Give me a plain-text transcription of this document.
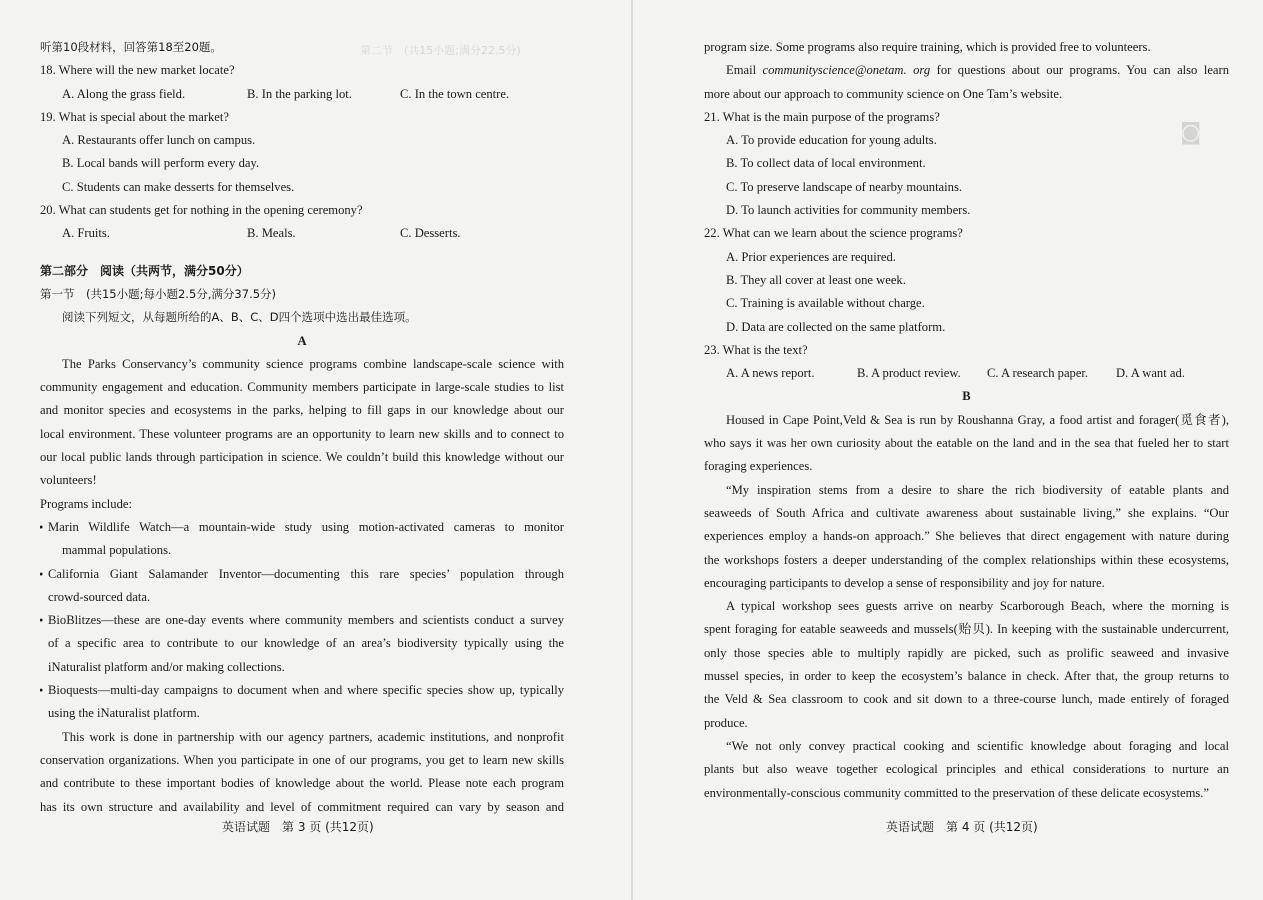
第二节　(共15小题;满分22.5分)
◙
听第10段材料，回答第18至20题。
18. Where will the new market locate?
A. Along the grass field.	B. In the parking lot.	C. In the town centre.
19. What is special about the market?
A. Restaurants offer lunch on campus.
B. Local bands will perform every day.
C. Students can make desserts for themselves.
20. What can students get for nothing in the opening ceremony?
A. Fruits.	B. Meals.	C. Desserts.
第二部分　阅读（共两节，满分50分）
第一节　(共15小题;每小题2.5分,满分37.5分)
阅读下列短文，从每题所给的A、B、C、D四个选项中选出最佳选项。
A
The Parks Conservancy’s community science programs combine landscape-scale science with
community engagement and education. Community members participate in large-scale studies to list
and monitor species and ecosystems in the parks, helping to fill gaps in our knowledge about our
local environment. These volunteer programs are an opportunity to learn new skills and to connect to
our local public lands through participation in science. We couldn’t build this knowledge without our
volunteers!
Programs include:
● Marin Wildlife Watch—a mountain-wide study using motion-activated cameras to monitor
mammal populations.
● California Giant Salamander Inventor—documenting this rare species’ population through
crowd-sourced data.
● BioBlitzes—these are one-day events where community members and scientists conduct a survey
of a specific area to contribute to our knowledge of an area’s biodiversity typically using the
iNaturalist platform and/or making collections.
● Bioquests—multi-day campaigns to document when and where specific species show up, typically
using the iNaturalist platform.
This work is done in partnership with our agency partners, academic institutions, and nonprofit
conservation organizations. When you participate in one of our programs, you get to learn new skills
and contribute to these important bodies of knowledge about the world. Please note each program
has its own structure and availability and level of commitment required can vary by season and
英语试题　第 3 页 (共12页)
program size. Some programs also require training, which is provided free to volunteers.
Email communityscience@onetam. org for questions about our programs. You can also learn
more about our approach to community science on One Tam’s website.
21. What is the main purpose of the programs?
A. To provide education for young adults.
B. To collect data of local environment.
C. To preserve landscape of nearby mountains.
D. To launch activities for community members.
22. What can we learn about the science programs?
A. Prior experiences are required.
B. They all cover at least one week.
C. Training is available without charge.
D. Data are collected on the same platform.
23. What is the text?
A. A news report.	B. A product review.	C. A research paper.	D. A want ad.
B
Housed in Cape Point,Veld & Sea is run by Roushanna Gray, a food artist and forager(觅食者),
who says it was her own curiosity about the eatable on the land and in the sea that fueled her to start
foraging experiences.
“My inspiration stems from a desire to share the rich biodiversity of eatable plants and
seaweeds of South Africa and cultivate awareness about sustainable living,” she explains. “Our
experiences employ a hands-on approach.” She believes that direct engagement with nature during
the workshops fosters a deeper understanding of the complex relationships within these ecosystems,
encouraging participants to develop a sense of responsibility and joy for nature.
A typical workshop sees guests arrive on nearby Scarborough Beach, where the morning is
spent foraging for eatable seaweeds and mussels(贻贝). In keeping with the sustainable undercurrent,
only those species able to multiply rapidly are picked, such as prolific seaweed and invasive
mussel species, in order to keep the ecosystem’s balance in check. After that, the group returns to
the Veld & Sea classroom to cook and sit down to a three-course lunch, made entirely of foraged
produce.
“We not only convey practical cooking and scientific knowledge about foraging and local
plants but also weave together ecological principles and ethical considerations to nurture an
environmentally-conscious community committed to the preservation of these delicate ecosystems.”
英语试题　第 4 页 (共12页)
